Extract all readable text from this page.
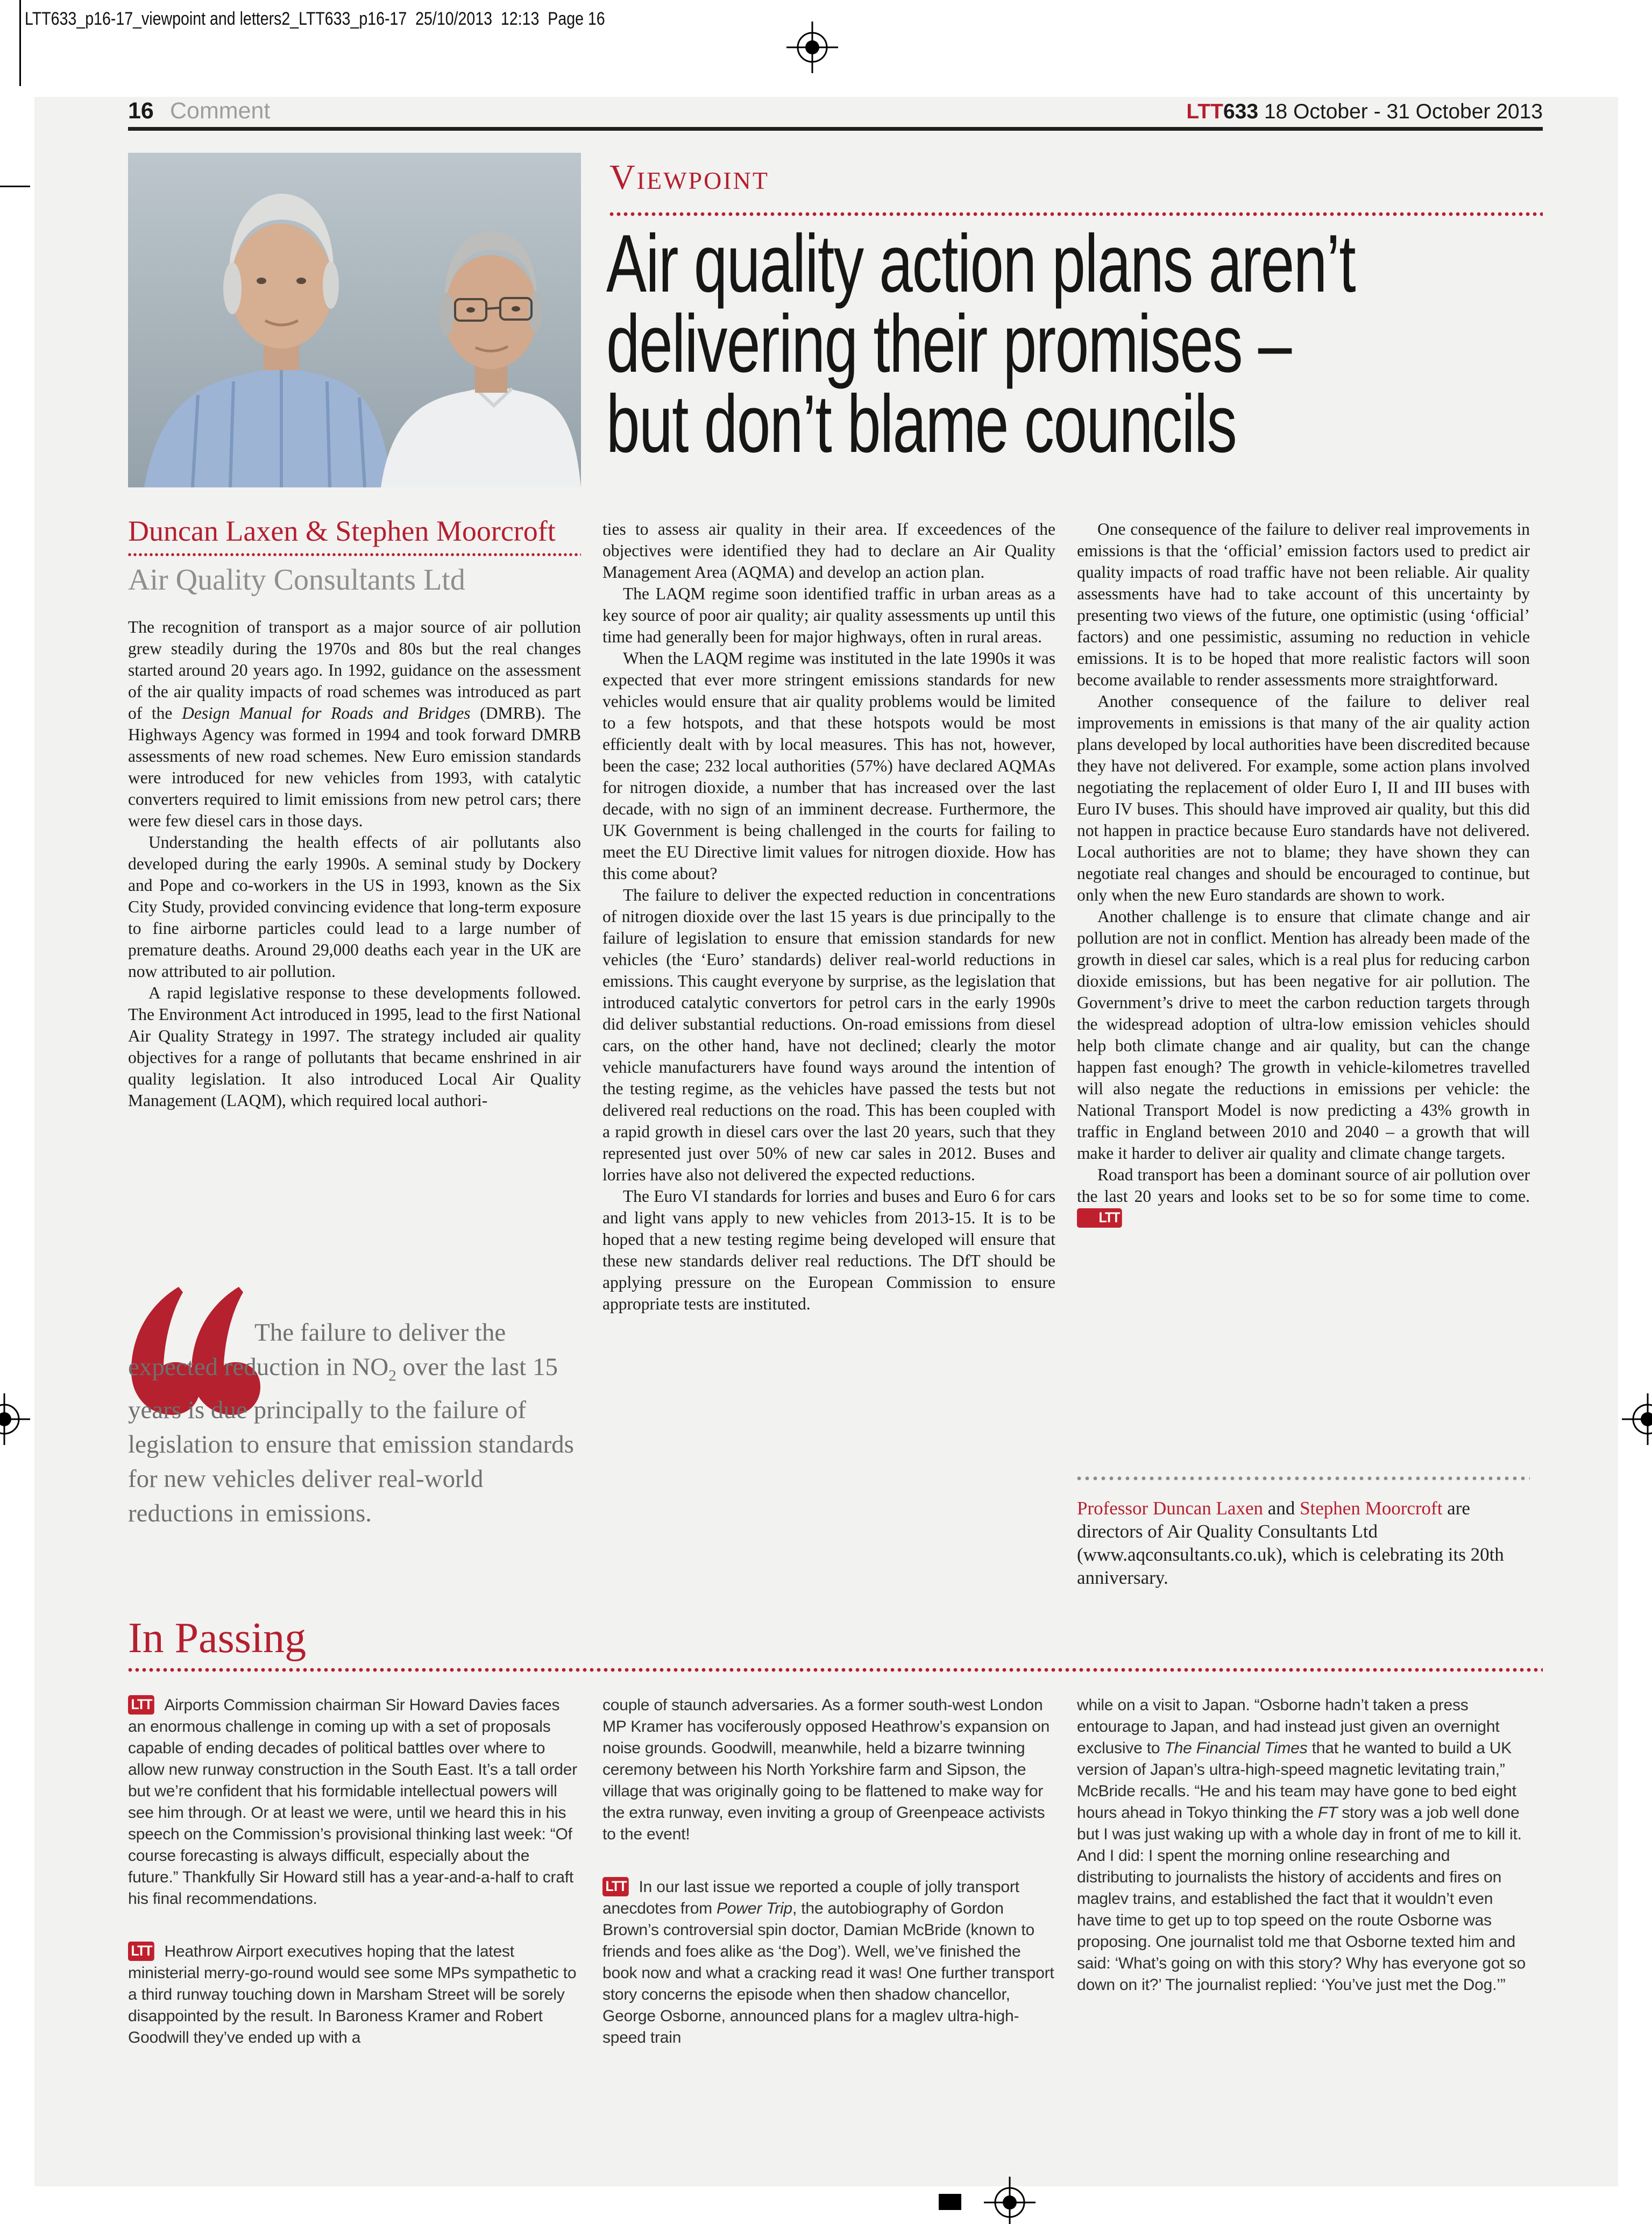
LTT633_p16-17_viewpoint and letters2_LTT633_p16-17  25/10/2013  12:13  Page 16
16 Comment	LTT633 18 October - 31 October 2013
Viewpoint
Air quality action plans aren’t
delivering their promises –
but don’t blame councils
Duncan Laxen & Stephen Moorcroft
Air Quality Consultants Ltd

The recognition of transport as a major source of air pollution grew steadily during the 1970s and 80s but the real changes started around 20 years ago. In 1992, guidance on the assessment of the air quality impacts of road schemes was introduced as part of the Design Manual for Roads and Bridges (DMRB). The Highways Agency was formed in 1994 and took forward DMRB assessments of new road schemes. New Euro emission standards were introduced for new vehicles from 1993, with catalytic converters required to limit emissions from new petrol cars; there were few diesel cars in those days.

Understanding the health effects of air pollutants also developed during the early 1990s. A seminal study by Dockery and Pope and co-workers in the US in 1993, known as the Six City Study, provided convincing evidence that long-term exposure to fine airborne particles could lead to a large number of premature deaths. Around 29,000 deaths each year in the UK are now attributed to air pollution.

A rapid legislative response to these developments followed. The Environment Act introduced in 1995, lead to the first National Air Quality Strategy in 1997. The strategy included air quality objectives for a range of pollutants that became enshrined in air quality legislation. It also introduced Local Air Quality Management (LAQM), which required local authori-

ties to assess air quality in their area. If exceedences of the objectives were identified they had to declare an Air Quality Management Area (AQMA) and develop an action plan.

The LAQM regime soon identified traffic in urban areas as a key source of poor air quality; air quality assessments up until this time had generally been for major highways, often in rural areas.

When the LAQM regime was instituted in the late 1990s it was expected that ever more stringent emissions standards for new vehicles would ensure that air quality problems would be limited to a few hotspots, and that these hotspots would be most efficiently dealt with by local measures. This has not, however, been the case; 232 local authorities (57%) have declared AQMAs for nitrogen dioxide, a number that has increased over the last decade, with no sign of an imminent decrease. Furthermore, the UK Government is being challenged in the courts for failing to meet the EU Directive limit values for nitrogen dioxide. How has this come about?

The failure to deliver the expected reduction in concentrations of nitrogen dioxide over the last 15 years is due principally to the failure of legislation to ensure that emission standards for new vehicles (the ‘Euro’ standards) deliver real-world reductions in emissions. This caught everyone by surprise, as the legislation that introduced catalytic convertors for petrol cars in the early 1990s did deliver substantial reductions. On-road emissions from diesel cars, on the other hand, have not declined; clearly the motor vehicle manufacturers have found ways around the intention of the testing regime, as the vehicles have passed the tests but not delivered real reductions on the road. This has been coupled with a rapid growth in diesel cars over the last 20 years, such that they represented just over 50% of new car sales in 2012. Buses and lorries have also not delivered the expected reductions.

The Euro VI standards for lorries and buses and Euro 6 for cars and light vans apply to new vehicles from 2013-15. It is to be hoped that a new testing regime being developed will ensure that these new standards deliver real reductions. The DfT should be applying pressure on the European Commission to ensure appropriate tests are instituted.

One consequence of the failure to deliver real improvements in emissions is that the ‘official’ emission factors used to predict air quality impacts of road traffic have not been reliable. Air quality assessments have had to take account of this uncertainty by presenting two views of the future, one optimistic (using ‘official’ factors) and one pessimistic, assuming no reduction in vehicle emissions. It is to be hoped that more realistic factors will soon become available to render assessments more straightforward.

Another consequence of the failure to deliver real improvements in emissions is that many of the air quality action plans developed by local authorities have been discredited because they have not delivered. For example, some action plans involved negotiating the replacement of older Euro I, II and III buses with Euro IV buses. This should have improved air quality, but this did not happen in practice because Euro standards have not delivered. Local authorities are not to blame; they have shown they can negotiate real changes and should be encouraged to continue, but only when the new Euro standards are shown to work.

Another challenge is to ensure that climate change and air pollution are not in conflict. Mention has already been made of the growth in diesel car sales, which is a real plus for reducing carbon dioxide emissions, but has been negative for air pollution. The Government’s drive to meet the carbon reduction targets through the widespread adoption of ultra-low emission vehicles should help both climate change and air quality, but can the change happen fast enough? The growth in vehicle-kilometres travelled will also negate the reductions in emissions per vehicle: the National Transport Model is now predicting a 43% growth in traffic in England between 2010 and 2040 – a growth that will make it harder to deliver air quality and climate change targets.

Road transport has been a dominant source of air pollution over the last 20 years and looks set to be so for some time to come. LTT

The failure to deliver the expected reduction in $NO_2$ over the last 15 years is due principally to the failure of legislation to ensure that emission standards for new vehicles deliver real-world reductions in emissions.	Professor Duncan Laxen and Stephen Moorcroft are directors of Air Quality Consultants Ltd (www.aqconsultants.co.uk), which is celebrating its 20th anniversary.
In Passing

LTT Airports Commission chairman Sir Howard Davies faces an enormous challenge in coming up with a set of proposals capable of ending decades of political battles over where to allow new runway construction in the South East. It’s a tall order but we’re confident that his formidable intellectual powers will see him through. Or at least we were, until we heard this in his speech on the Commission’s provisional thinking last week: “Of course forecasting is always difficult, especially about the future.” Thankfully Sir Howard still has a year-and-a-half to craft his final recommendations.

LTT Heathrow Airport executives hoping that the latest ministerial merry-go-round would see some MPs sympathetic to a third runway touching down in Marsham Street will be sorely disappointed by the result. In Baroness Kramer and Robert Goodwill they’ve ended up with a

couple of staunch adversaries. As a former south-west London MP Kramer has vociferously opposed Heathrow’s expansion on noise grounds. Goodwill, meanwhile, held a bizarre twinning ceremony between his North Yorkshire farm and Sipson, the village that was originally going to be flattened to make way for the extra runway, even inviting a group of Greenpeace activists to the event!

LTT In our last issue we reported a couple of jolly transport anecdotes from Power Trip, the autobiography of Gordon Brown’s controversial spin doctor, Damian McBride (known to friends and foes alike as ‘the Dog’). Well, we’ve finished the book now and what a cracking read it was! One further transport story concerns the episode when then shadow chancellor, George Osborne, announced plans for a maglev ultra-high-speed train

while on a visit to Japan. “Osborne hadn’t taken a press entourage to Japan, and had instead just given an overnight exclusive to The Financial Times that he wanted to build a UK version of Japan’s ultra-high-speed magnetic levitating train,” McBride recalls. “He and his team may have gone to bed eight hours ahead in Tokyo thinking the FT story was a job well done but I was just waking up with a whole day in front of me to kill it. And I did: I spent the morning online researching and distributing to journalists the history of accidents and fires on maglev trains, and established the fact that it wouldn’t even have time to get up to top speed on the route Osborne was proposing. One journalist told me that Osborne texted him and said: ‘What’s going on with this story? Why has everyone got so down on it?’ The journalist replied: ‘You’ve just met the Dog.’”
